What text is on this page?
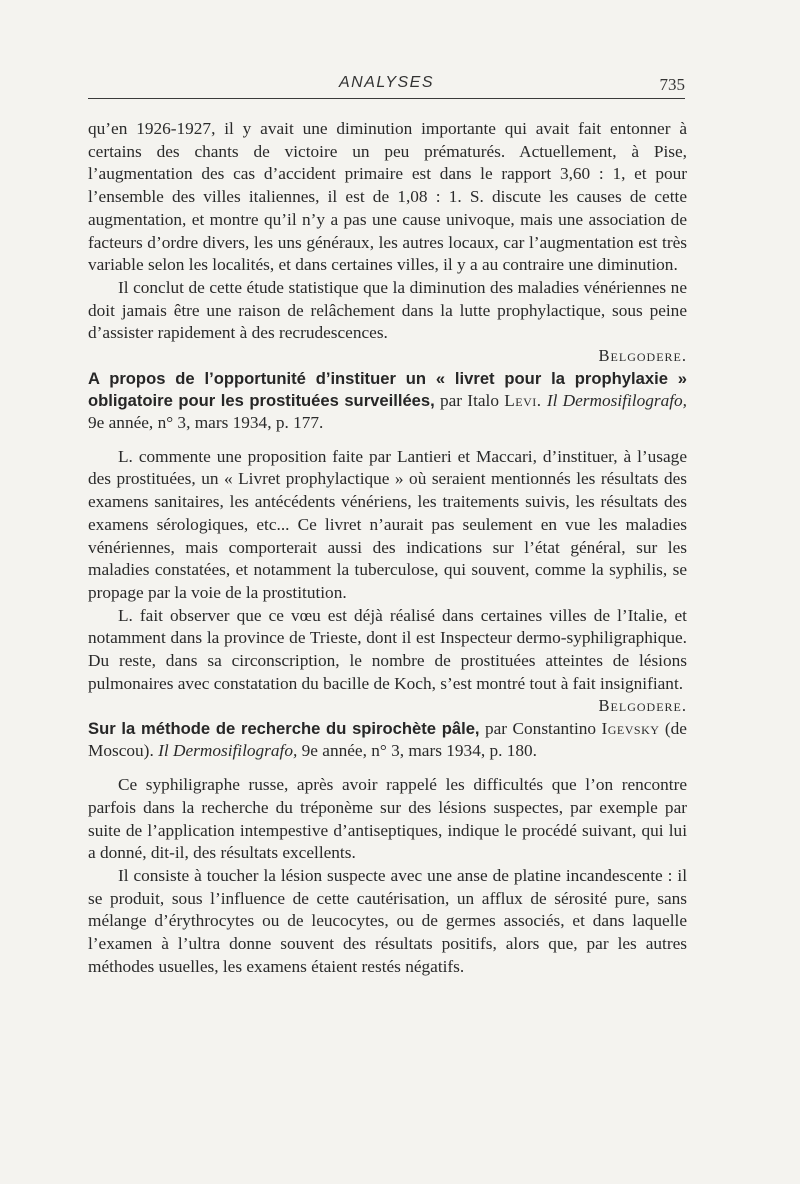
ANALYSES	735

qu’en 1926-1927, il y avait une diminution importante qui avait fait entonner à certains des chants de victoire un peu prématurés. Actuellement, à Pise, l’augmentation des cas d’accident primaire est dans le rapport 3,60 : 1, et pour l’ensemble des villes italiennes, il est de 1,08 : 1. S. discute les causes de cette augmentation, et montre qu’il n’y a pas une cause univoque, mais une association de facteurs d’ordre divers, les uns généraux, les autres locaux, car l’augmentation est très variable selon les localités, et dans certaines villes, il y a au contraire une diminution.

Il conclut de cette étude statistique que la diminution des maladies vénériennes ne doit jamais être une raison de relâchement dans la lutte prophylactique, sous peine d’assister rapidement à des recrudescences.

Belgodere.

A propos de l’opportunité d’instituer un « livret pour la prophylaxie » obligatoire pour les prostituées surveillées, par Italo Levi. Il Dermosifilografo, 9e année, n° 3, mars 1934, p. 177.

L. commente une proposition faite par Lantieri et Maccari, d’instituer, à l’usage des prostituées, un « Livret prophylactique » où seraient mentionnés les résultats des examens sanitaires, les antécédents vénériens, les traitements suivis, les résultats des examens sérologiques, etc... Ce livret n’aurait pas seulement en vue les maladies vénériennes, mais comporterait aussi des indications sur l’état général, sur les maladies constatées, et notamment la tuberculose, qui souvent, comme la syphilis, se propage par la voie de la prostitution.

L. fait observer que ce vœu est déjà réalisé dans certaines villes de l’Italie, et notamment dans la province de Trieste, dont il est Inspecteur dermo-syphiligraphique. Du reste, dans sa circonscription, le nombre de prostituées atteintes de lésions pulmonaires avec constatation du bacille de Koch, s’est montré tout à fait insignifiant.

Belgodere.

Sur la méthode de recherche du spirochète pâle, par Constantino Igevsky (de Moscou). Il Dermosifilografo, 9e année, n° 3, mars 1934, p. 180.

Ce syphiligraphe russe, après avoir rappelé les difficultés que l’on rencontre parfois dans la recherche du tréponème sur des lésions suspectes, par exemple par suite de l’application intempestive d’antiseptiques, indique le procédé suivant, qui lui a donné, dit-il, des résultats excellents.

Il consiste à toucher la lésion suspecte avec une anse de platine incandescente : il se produit, sous l’influence de cette cautérisation, un afflux de sérosité pure, sans mélange d’érythrocytes ou de leucocytes, ou de germes associés, et dans laquelle l’examen à l’ultra donne souvent des résultats positifs, alors que, par les autres méthodes usuelles, les examens étaient restés négatifs.
